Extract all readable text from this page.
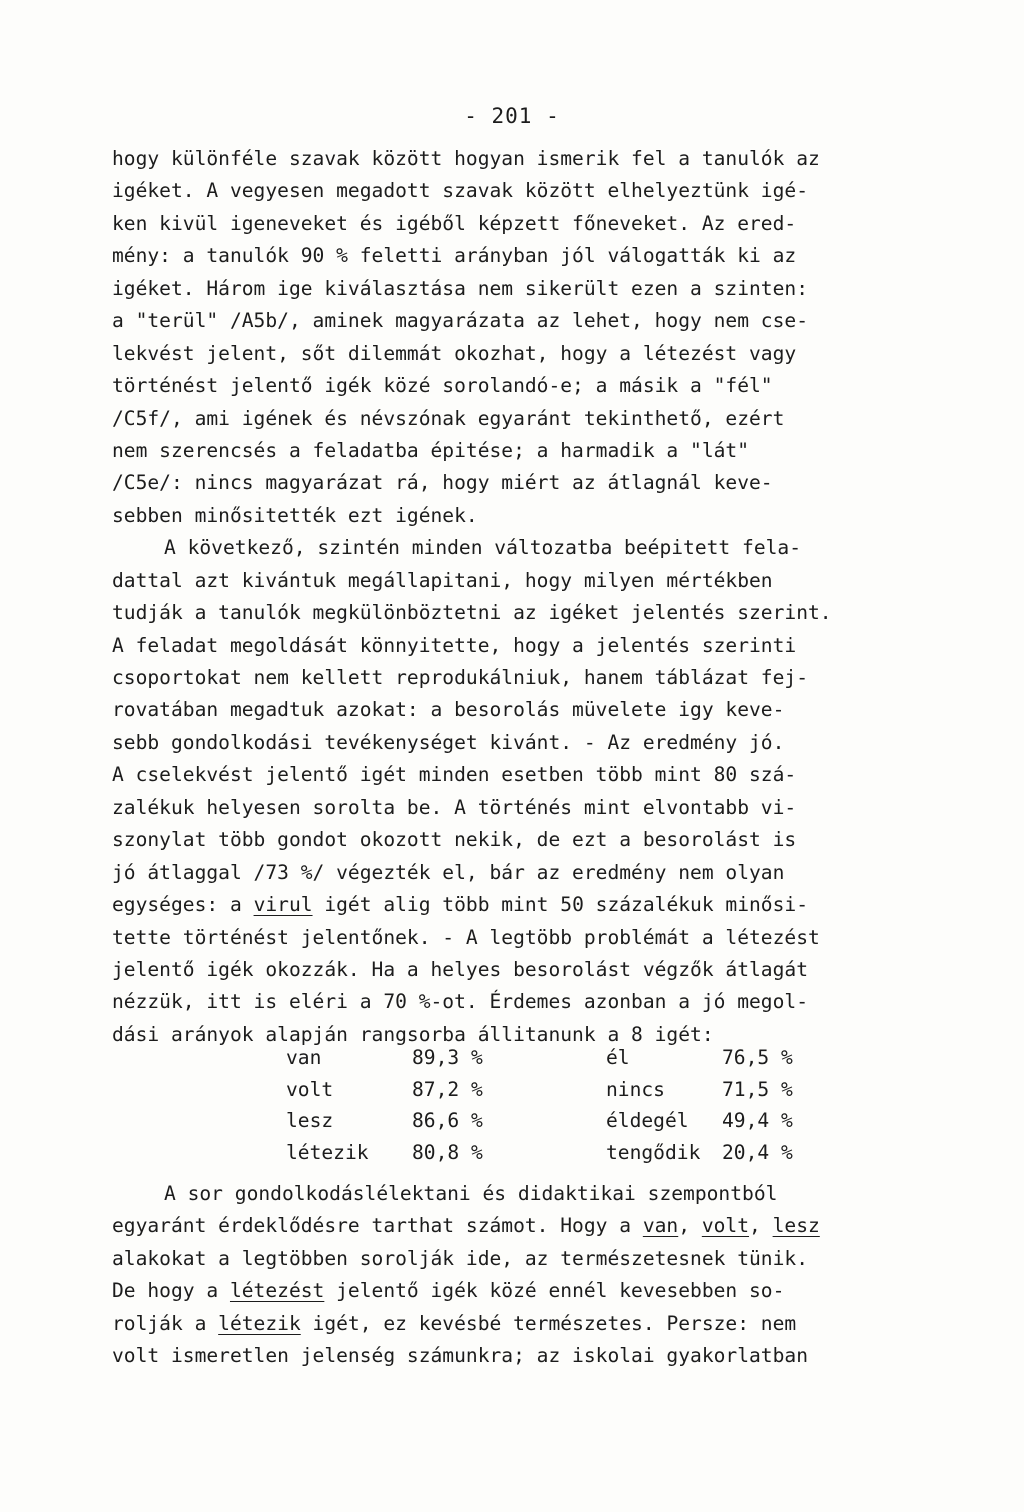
- 201 -
hogy különféle szavak között hogyan ismerik fel a tanulók az
igéket. A vegyesen megadott szavak között elhelyeztünk igé-
ken kivül igeneveket és igéből képzett főneveket. Az ered-
mény: a tanulók 90 % feletti arányban jól válogatták ki az
igéket. Három ige kiválasztása nem sikerült ezen a szinten:
a "terül" /A5b/, aminek magyarázata az lehet, hogy nem cse-
lekvést jelent, sőt dilemmát okozhat, hogy a létezést vagy
történést jelentő igék közé sorolandó-e; a másik a "fél"
/C5f/, ami igének és névszónak egyaránt tekinthető, ezért
nem szerencsés a feladatba épitése; a harmadik a "lát"
/C5e/: nincs magyarázat rá, hogy miért az átlagnál keve-
sebben minősitették ezt igének.
A következő, szintén minden változatba beépitett fela-
dattal azt kivántuk megállapitani, hogy milyen mértékben
tudják a tanulók megkülönböztetni az igéket jelentés szerint.
A feladat megoldását könnyitette, hogy a jelentés szerinti
csoportokat nem kellett reprodukálniuk, hanem táblázat fej-
rovatában megadtuk azokat: a besorolás müvelete igy keve-
sebb gondolkodási tevékenységet kivánt. - Az eredmény jó.
A cselekvést jelentő igét minden esetben több mint 80 szá-
zalékuk helyesen sorolta be. A történés mint elvontabb vi-
szonylat több gondot okozott nekik, de ezt a besorolást is
jó átlaggal /73 %/ végezték el, bár az eredmény nem olyan
egységes: a virul igét alig több mint 50 százalékuk minősi-
tette történést jelentőnek. - A legtöbb problémát a létezést
jelentő igék okozzák. Ha a helyes besorolást végzők átlagát
nézzük, itt is eléri a 70 %-ot. Érdemes azonban a jó megol-
dási arányok alapján rangsorba állitanunk a 8 igét:
van	89,3 %	él	76,5 %
volt	87,2 %	nincs	71,5 %
lesz	86,6 %	éldegél 49,4 %
létezik 80,8 %	tengődik 20,4 %
A sor gondolkodáslélektani és didaktikai szempontból
egyaránt érdeklődésre tarthat számot. Hogy a van, volt, lesz
alakokat a legtöbben sorolják ide, az természetesnek tünik.
De hogy a létezést jelentő igék közé ennél kevesebben so-
rolják a létezik igét, ez kevésbé természetes. Persze: nem
volt ismeretlen jelenség számunkra; az iskolai gyakorlatban
